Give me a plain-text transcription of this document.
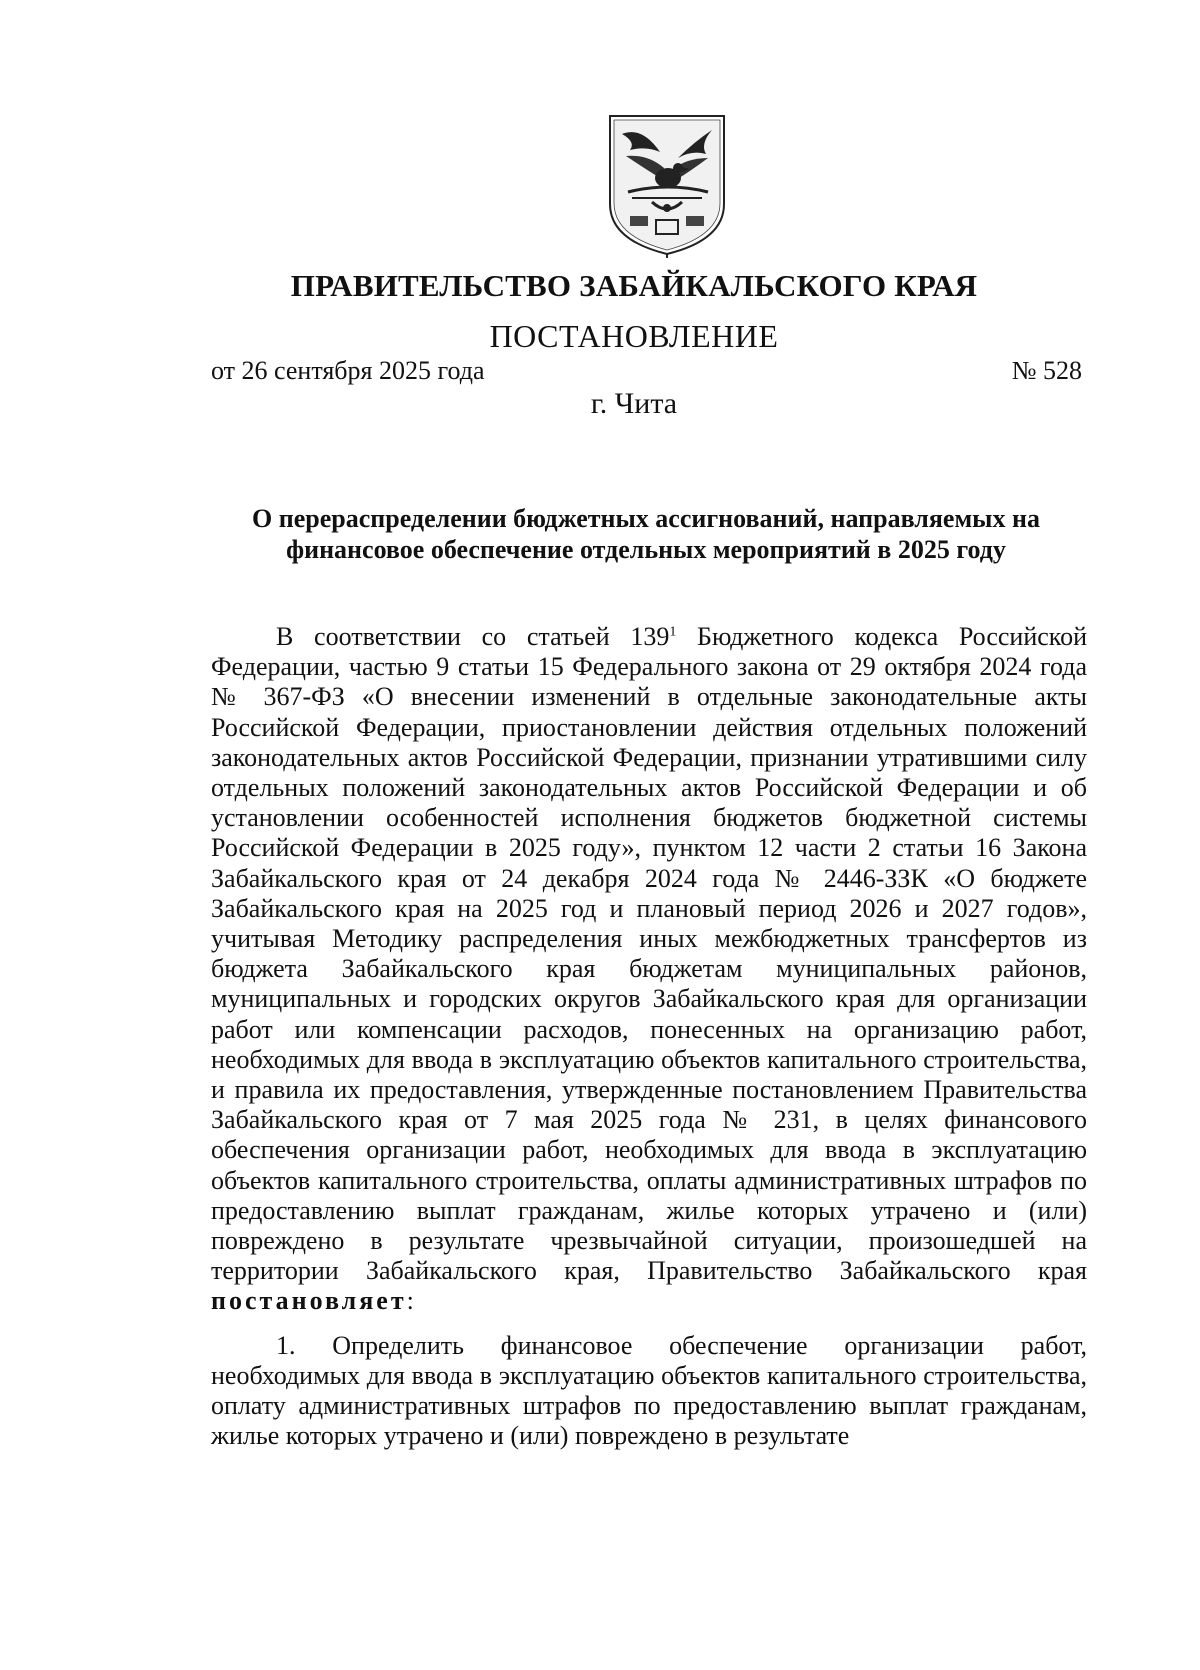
ПРАВИТЕЛЬСТВО ЗАБАЙКАЛЬСКОГО КРАЯ
ПОСТАНОВЛЕНИЕ
от 26 сентября 2025 года	№ 528
г. Чита
О перераспределении бюджетных ассигнований, направляемых на финансовое обеспечение отдельных мероприятий в 2025 году

В соответствии со статьей $139^1$ Бюджетного кодекса Российской Федерации, частью 9 статьи 15 Федерального закона от 29 октября 2024 года № 367-ФЗ «О внесении изменений в отдельные законодательные акты Российской Федерации, приостановлении действия отдельных положений законодательных актов Российской Федерации, признании утратившими силу отдельных положений законодательных актов Российской Федерации и об установлении особенностей исполнения бюджетов бюджетной системы Российской Федерации в 2025 году», пунктом 12 части 2 статьи 16 Закона Забайкальского края от 24 декабря 2024 года № 2446-ЗЗК «О бюджете Забайкальского края на 2025 год и плановый период 2026 и 2027 годов», учитывая Методику распределения иных межбюджетных трансфертов из бюджета Забайкальского края бюджетам муниципальных районов, муниципальных и городских округов Забайкальского края для организации работ или компенсации расходов, понесенных на организацию работ, необходимых для ввода в эксплуатацию объектов капитального строительства, и правила их предоставления, утвержденные постановлением Правительства Забайкальского края от 7 мая 2025 года № 231, в целях финансового обеспечения организации работ, необходимых для ввода в эксплуатацию объектов капитального строительства, оплаты административных штрафов по предоставлению выплат гражданам, жилье которых утрачено и (или) повреждено в результате чрезвычайной ситуации, произошедшей на территории Забайкальского края, Правительство Забайкальского края постановляет:

1. Определить финансовое обеспечение организации работ, необходимых для ввода в эксплуатацию объектов капитального строительства, оплату административных штрафов по предоставлению выплат гражданам, жилье которых утрачено и (или) повреждено в результате
